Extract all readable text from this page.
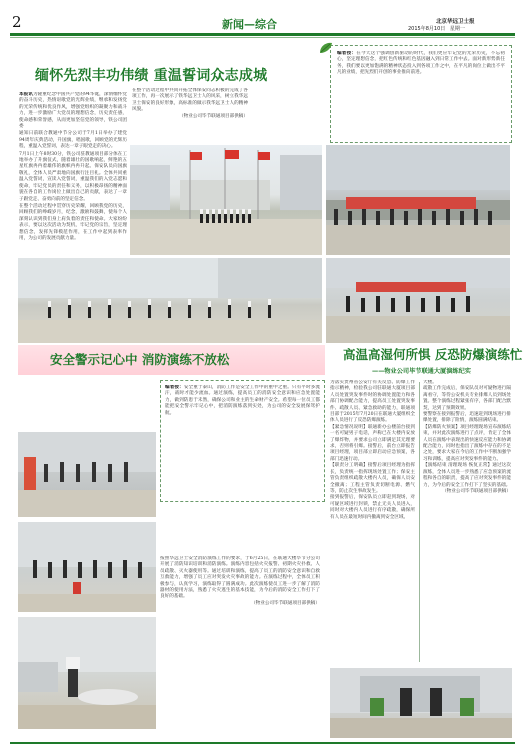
2	新闻—综合	北京华远卫士报
2015年8月10日 星期一
缅怀先烈丰功伟绩 重温誓词众志成城
本报讯为隆重纪念中国共产党的94华诞，深情缅怀党的奋斗历史，热情讴歌党的光辉业绩，继承和发扬党的光荣传统和优良作风，增强党组织的凝聚力和战斗力，进一步激励广大党员的理想信念，历史责任感，使命感和荣誉感，从而更加坚信党的领导，铁公司团委
通知日前联合教通中节分公司于7月1日举办了建党94周年庆典活动，升国旗，唱国歌，回顾党的光辉历程，重温入党誓词，表达一章子眼党走的决心。
7月1日上午8时30分，铁公司驻教通项目部分体在工地举办了升旗仪式，随着雄壮的国歌响起，鲜艳的五星红旗冉冉着雄伟的旗帜冉冉升起。保安队员向国旗敬礼，全体人员严肃地向国旗行注目礼。全体共同重温入党誓词，宣读入党誓词，重温我们的入党志愿和使命，牢记党员的责任和义务，以积极昂扬的精神面貌在各自的工作岗位上做出自己的贡献，表达了一章子跟党走、奋勇向前的坚定信念。
在整个活动过程中贯穿历史荣耀，回顾我党的历史，回顾我们的峥嵘岁月，纪念，激励和鼓舞，使每个人深刻认识到我们身上肩负着的责任和使命。大家纷纷表示，要以这次活动为契机，牢记党的宗旨，坚定理想信念，发挥先锋模范作用，在工作中起到表率作用，为公司的发展贡献力量。
在整个活动过程中共同开拓全体保安同志积极的完成了各项工作，再一次展示了铁华远卫士人的风采，树立我华远卫士保安的良好形象，高标准的做示我华远卫士人的精神风貌。
（物业公司毕节联通项目部供稿）
编者按：在今天这个强调创新驱动的时代，我们更应牢记党的光荣历史，不忘初心，坚定理想信念，把红色传统和红色基因融入到日常工作中去。面对新形势新任务，我们要以更加饱满的精神状态投入到各项工作之中，在平凡的岗位上做出不平凡的业绩，把先烈们开创的事业推向前进。
高温高湿何所惧 反恐防爆演练忙
——物业公司毕节联通大厦演练纪实
安全警示记心中 消防演练不放松
编者按：安全重于泰山，消防工作是安全工作中的重中之重。只有平时多流汗，战时才能少流血。通过演练，提高员工的消防安全意识和应急处置能力，做到防患于未然，确保公司和业主的生命财产安全。希望每一位员工都能把安全警示牢记心中，把消防演练落到实处，为公司的安全发展保驾护航。
按照华远卫士安全消防演练工作的要求，于6月25日，在联通大楼毕节分公司开展了消防知识培训和消防演练。演练内容包括火灾报警、初期火灾扑救、人员疏散、灭火器使用等。通过培训和演练，提高了员工的消防安全意识和自救互救能力，增强了员工应对突发火灾事故的能力。在演练过程中，全体员工积极参与，认真学习，演练取得了圆满成功。此次演练使员工进一步了解了消防器材的使用方法，熟悉了火灾逃生的基本技能，为今后的消防安全工作打下了良好的基础。
（物业公司毕节联通项目部供稿）
为落实贵州省公安厅有关反恐、防爆工作指示精神，检验我公司驻联通大厦项目部人员处置突发事件时的协调处置能力和各部门协调配合能力，提高员工处置突发事件、疏散人员、紧急救助的能力，联通项目部于2015年7月20日在联通大厦组织全体人员进行了反恐防爆演练。
【紧急情况说明】联通新办公楼前台接到一名可疑男子电话，声称已在大楼内安放了爆炸物，并要求公司立即满足其无理要求，否则将引爆。接警后，前台立即报告项目经理，项目部立即启动应急预案，各部门迅速行动。
【职责分工明确】接警后项目经理为指挥长，负责统一指挥现场处置工作；保安主管负责组织疏散大楼内人员，确保人员安全撤离；工程主管负责切断电源、燃气等，防止次生事故发生。
接到报警后，保安队员立即赶到现场，对可疑区域进行封锁，禁止无关人员进入，同时对大楼内人员进行有序疏散，确保所有人员在最短时间内撤离到安全区域。
大楼。
疏散工作完成后，保安队员对可疑物进行隔离看守，等待公安机关专业排爆人员到场处置。整个演练过程紧张有序，各部门配合默契，达到了预期效果。
要警察在接到报警后，迅速赶到现场进行排爆处置，排除了险情，演练圆满结束。
【防爆防火预案】项目经理现场宣布演练结束，并对此次演练进行了点评，肯定了全体人员在演练中表现出的快速反应能力和协调配合能力，同时也指出了演练中存在的不足之处，要求大家在今后的工作中不断加强学习和训练，提高应对突发事件的能力。
【演练结束 清理现场 恢复正常】通过这次演练，全体人员进一步熟悉了应急预案的流程和各自的职责，提高了应对突发事件的能力，为今后的安全工作打下了坚实的基础。
（物业公司毕节联通项目部供稿）
